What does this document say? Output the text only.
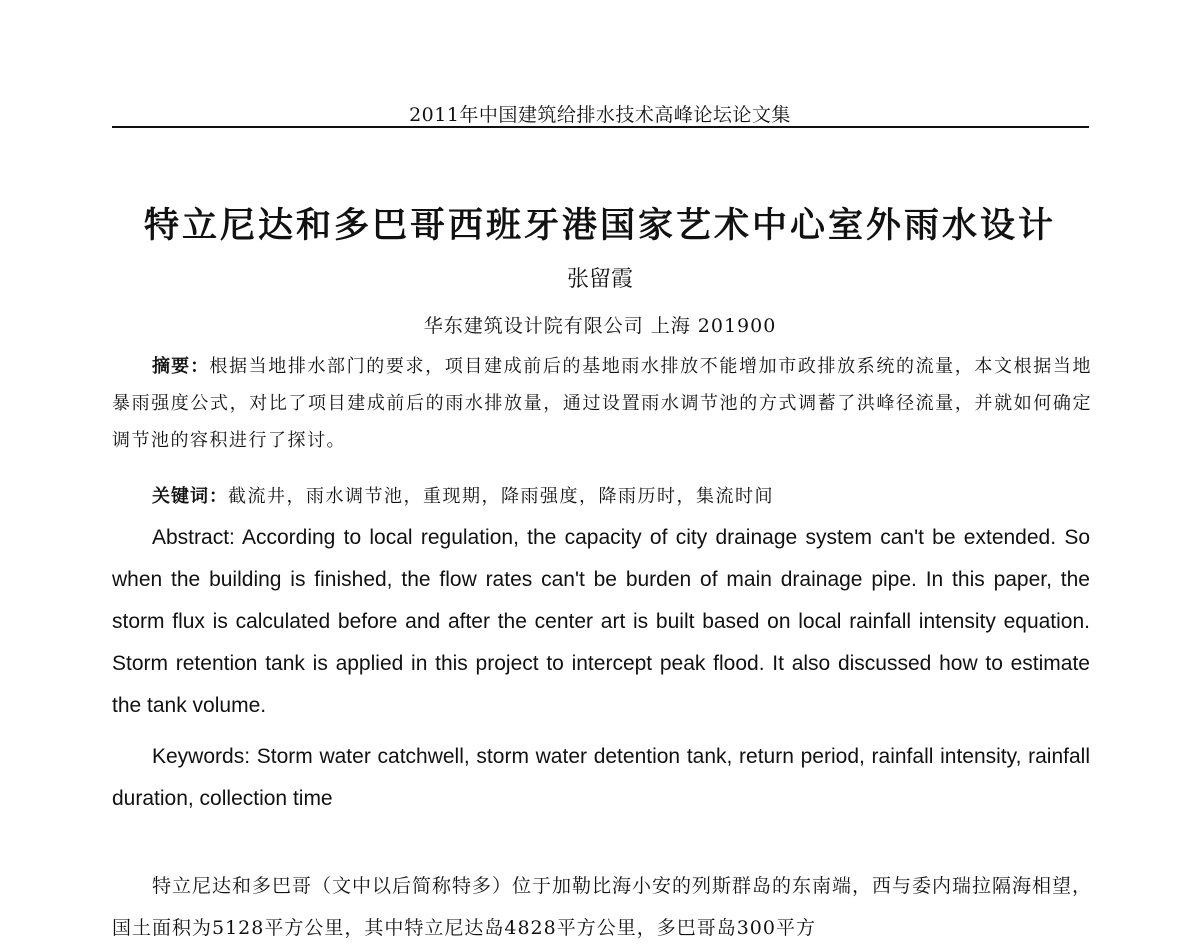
2011年中国建筑给排水技术高峰论坛论文集
特立尼达和多巴哥西班牙港国家艺术中心室外雨水设计
张留霞
华东建筑设计院有限公司 上海 201900

摘要：根据当地排水部门的要求，项目建成前后的基地雨水排放不能增加市政排放系统的流量，本文根据当地暴雨强度公式，对比了项目建成前后的雨水排放量，通过设置雨水调节池的方式调蓄了洪峰径流量，并就如何确定调节池的容积进行了探讨。

关键词：截流井，雨水调节池，重现期，降雨强度，降雨历时，集流时间

Abstract: According to local regulation, the capacity of city drainage system can't be extended. So when the building is finished, the flow rates can't be burden of main drainage pipe. In this paper, the storm flux is calculated before and after the center art is built based on local rainfall intensity equation. Storm retention tank is applied in this project to intercept peak flood. It also discussed how to estimate the tank volume.

Keywords: Storm water catchwell, storm water detention tank, return period, rainfall intensity, rainfall duration, collection time

特立尼达和多巴哥（文中以后简称特多）位于加勒比海小安的列斯群岛的东南端，西与委内瑞拉隔海相望，国土面积为5128平方公里，其中特立尼达岛4828平方公里，多巴哥岛300平方
